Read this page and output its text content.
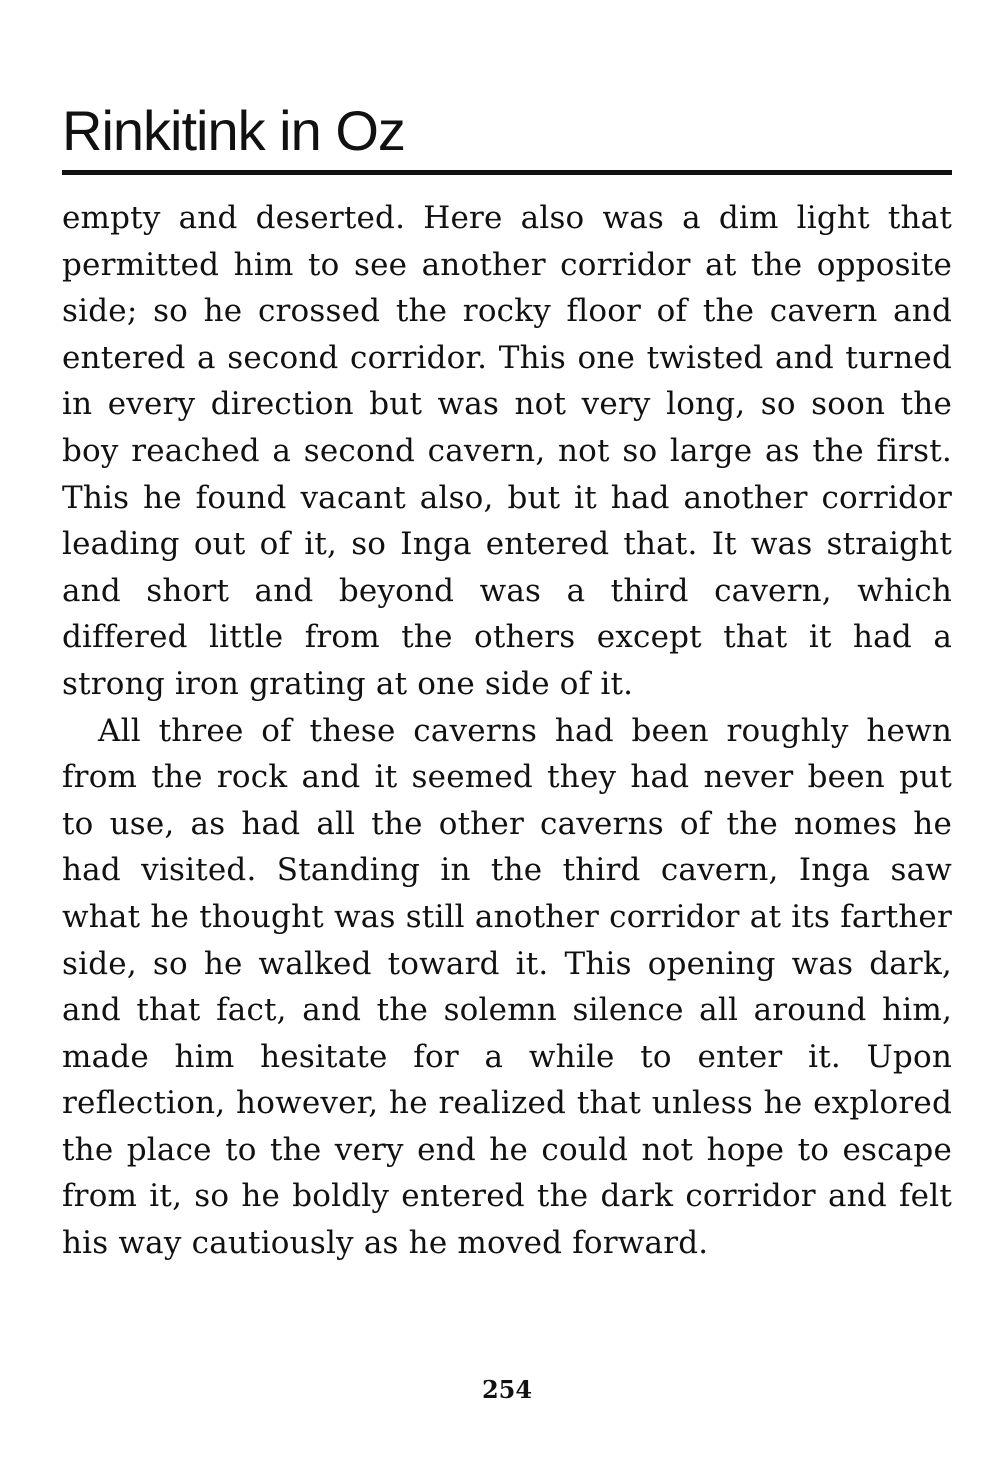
Rinkitink in Oz

empty and deserted. Here also was a dim light that permitted him to see another corridor at the opposite side; so he crossed the rocky floor of the cavern and entered a second corridor. This one twisted and turned in every direction but was not very long, so soon the boy reached a second cavern, not so large as the first. This he found vacant also, but it had another corridor leading out of it, so Inga entered that. It was straight and short and beyond was a third cavern, which differed little from the others except that it had a strong iron grating at one side of it.

All three of these caverns had been roughly hewn from the rock and it seemed they had never been put to use, as had all the other caverns of the nomes he had visited. Standing in the third cavern, Inga saw what he thought was still another corridor at its farther side, so he walked toward it. This opening was dark, and that fact, and the solemn silence all around him, made him hesitate for a while to enter it. Upon reflection, however, he realized that unless he explored the place to the very end he could not hope to escape from it, so he boldly entered the dark corridor and felt his way cautiously as he moved forward.

254
